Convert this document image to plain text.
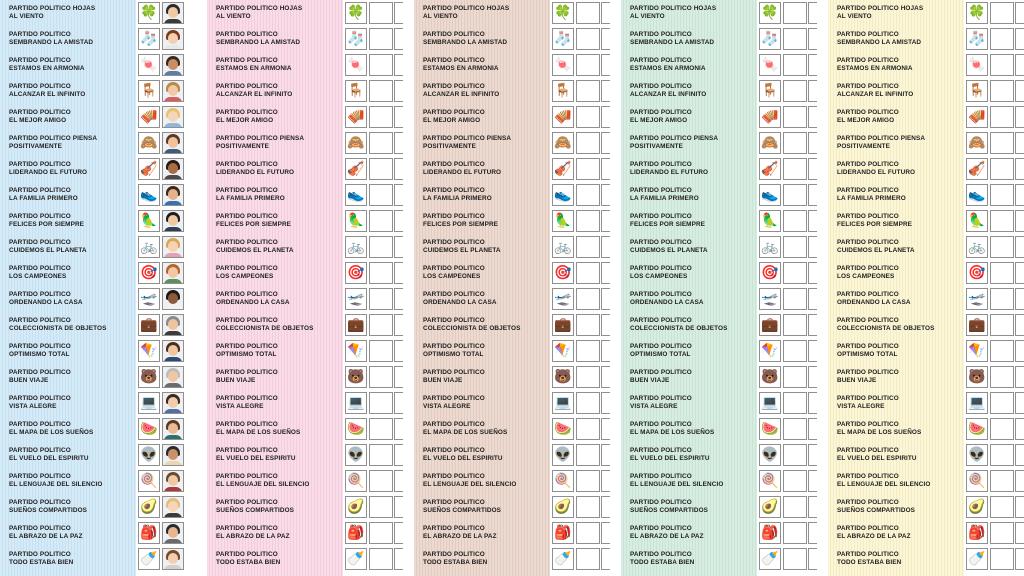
PARTIDO POLITICO HOJAS
AL VIENTO	🍀
PARTIDO POLITICO
SEMBRANDO LA AMISTAD	🧦
PARTIDO POLITICO
ESTAMOS EN ARMONIA	🍬
PARTIDO POLITICO
ALCANZAR EL INFINITO	🪑
PARTIDO POLITICO
EL MEJOR AMIGO	🪗
PARTIDO POLITICO PIENSA
POSITIVAMENTE	🙈
PARTIDO POLITICO
LIDERANDO EL FUTURO	🎻
PARTIDO POLITICO
LA FAMILIA PRIMERO	👟
PARTIDO POLITICO
FELICES POR SIEMPRE	🦜
PARTIDO POLITICO
CUIDEMOS EL PLANETA	🚲
PARTIDO POLITICO
LOS CAMPEONES	🎯
PARTIDO POLITICO
ORDENANDO LA CASA	🛫
PARTIDO POLITICO
COLECCIONISTA DE OBJETOS	💼
PARTIDO POLITICO
OPTIMISMO TOTAL	🪁
PARTIDO POLITICO
BUEN VIAJE	🐻
PARTIDO POLITICO
VISTA ALEGRE	💻
PARTIDO POLITICO
EL MAPA DE LOS SUEÑOS	🍉
PARTIDO POLITICO
EL VUELO DEL ESPIRITU	👽
PARTIDO POLITICO
EL LENGUAJE DEL SILENCIO	🍭
PARTIDO POLITICO
SUEÑOS COMPARTIDOS	🥑
PARTIDO POLITICO
EL ABRAZO DE LA PAZ	🎒
PARTIDO POLITICO
TODO ESTABA BIEN	🍼
PARTIDO POLITICO HOJAS
AL VIENTO	🍀
PARTIDO POLITICO
SEMBRANDO LA AMISTAD	🧦
PARTIDO POLITICO
ESTAMOS EN ARMONIA	🍬
PARTIDO POLITICO
ALCANZAR EL INFINITO	🪑
PARTIDO POLITICO
EL MEJOR AMIGO	🪗
PARTIDO POLITICO PIENSA
POSITIVAMENTE	🙈
PARTIDO POLITICO
LIDERANDO EL FUTURO	🎻
PARTIDO POLITICO
LA FAMILIA PRIMERO	👟
PARTIDO POLITICO
FELICES POR SIEMPRE	🦜
PARTIDO POLITICO
CUIDEMOS EL PLANETA	🚲
PARTIDO POLITICO
LOS CAMPEONES	🎯
PARTIDO POLITICO
ORDENANDO LA CASA	🛫
PARTIDO POLITICO
COLECCIONISTA DE OBJETOS	💼
PARTIDO POLITICO
OPTIMISMO TOTAL	🪁
PARTIDO POLITICO
BUEN VIAJE	🐻
PARTIDO POLITICO
VISTA ALEGRE	💻
PARTIDO POLITICO
EL MAPA DE LOS SUEÑOS	🍉
PARTIDO POLITICO
EL VUELO DEL ESPIRITU	👽
PARTIDO POLITICO
EL LENGUAJE DEL SILENCIO	🍭
PARTIDO POLITICO
SUEÑOS COMPARTIDOS	🥑
PARTIDO POLITICO
EL ABRAZO DE LA PAZ	🎒
PARTIDO POLITICO
TODO ESTABA BIEN	🍼
PARTIDO POLITICO HOJAS
AL VIENTO	🍀
PARTIDO POLITICO
SEMBRANDO LA AMISTAD	🧦
PARTIDO POLITICO
ESTAMOS EN ARMONIA	🍬
PARTIDO POLITICO
ALCANZAR EL INFINITO	🪑
PARTIDO POLITICO
EL MEJOR AMIGO	🪗
PARTIDO POLITICO PIENSA
POSITIVAMENTE	🙈
PARTIDO POLITICO
LIDERANDO EL FUTURO	🎻
PARTIDO POLITICO
LA FAMILIA PRIMERO	👟
PARTIDO POLITICO
FELICES POR SIEMPRE	🦜
PARTIDO POLITICO
CUIDEMOS EL PLANETA	🚲
PARTIDO POLITICO
LOS CAMPEONES	🎯
PARTIDO POLITICO
ORDENANDO LA CASA	🛫
PARTIDO POLITICO
COLECCIONISTA DE OBJETOS	💼
PARTIDO POLITICO
OPTIMISMO TOTAL	🪁
PARTIDO POLITICO
BUEN VIAJE	🐻
PARTIDO POLITICO
VISTA ALEGRE	💻
PARTIDO POLITICO
EL MAPA DE LOS SUEÑOS	🍉
PARTIDO POLITICO
EL VUELO DEL ESPIRITU	👽
PARTIDO POLITICO
EL LENGUAJE DEL SILENCIO	🍭
PARTIDO POLITICO
SUEÑOS COMPARTIDOS	🥑
PARTIDO POLITICO
EL ABRAZO DE LA PAZ	🎒
PARTIDO POLITICO
TODO ESTABA BIEN	🍼
PARTIDO POLITICO HOJAS
AL VIENTO	🍀
PARTIDO POLITICO
SEMBRANDO LA AMISTAD	🧦
PARTIDO POLITICO
ESTAMOS EN ARMONIA	🍬
PARTIDO POLITICO
ALCANZAR EL INFINITO	🪑
PARTIDO POLITICO
EL MEJOR AMIGO	🪗
PARTIDO POLITICO PIENSA
POSITIVAMENTE	🙈
PARTIDO POLITICO
LIDERANDO EL FUTURO	🎻
PARTIDO POLITICO
LA FAMILIA PRIMERO	👟
PARTIDO POLITICO
FELICES POR SIEMPRE	🦜
PARTIDO POLITICO
CUIDEMOS EL PLANETA	🚲
PARTIDO POLITICO
LOS CAMPEONES	🎯
PARTIDO POLITICO
ORDENANDO LA CASA	🛫
PARTIDO POLITICO
COLECCIONISTA DE OBJETOS	💼
PARTIDO POLITICO
OPTIMISMO TOTAL	🪁
PARTIDO POLITICO
BUEN VIAJE	🐻
PARTIDO POLITICO
VISTA ALEGRE	💻
PARTIDO POLITICO
EL MAPA DE LOS SUEÑOS	🍉
PARTIDO POLITICO
EL VUELO DEL ESPIRITU	👽
PARTIDO POLITICO
EL LENGUAJE DEL SILENCIO	🍭
PARTIDO POLITICO
SUEÑOS COMPARTIDOS	🥑
PARTIDO POLITICO
EL ABRAZO DE LA PAZ	🎒
PARTIDO POLITICO
TODO ESTABA BIEN	🍼
PARTIDO POLITICO HOJAS
AL VIENTO	🍀
PARTIDO POLITICO
SEMBRANDO LA AMISTAD	🧦
PARTIDO POLITICO
ESTAMOS EN ARMONIA	🍬
PARTIDO POLITICO
ALCANZAR EL INFINITO	🪑
PARTIDO POLITICO
EL MEJOR AMIGO	🪗
PARTIDO POLITICO PIENSA
POSITIVAMENTE	🙈
PARTIDO POLITICO
LIDERANDO EL FUTURO	🎻
PARTIDO POLITICO
LA FAMILIA PRIMERO	👟
PARTIDO POLITICO
FELICES POR SIEMPRE	🦜
PARTIDO POLITICO
CUIDEMOS EL PLANETA	🚲
PARTIDO POLITICO
LOS CAMPEONES	🎯
PARTIDO POLITICO
ORDENANDO LA CASA	🛫
PARTIDO POLITICO
COLECCIONISTA DE OBJETOS	💼
PARTIDO POLITICO
OPTIMISMO TOTAL	🪁
PARTIDO POLITICO
BUEN VIAJE	🐻
PARTIDO POLITICO
VISTA ALEGRE	💻
PARTIDO POLITICO
EL MAPA DE LOS SUEÑOS	🍉
PARTIDO POLITICO
EL VUELO DEL ESPIRITU	👽
PARTIDO POLITICO
EL LENGUAJE DEL SILENCIO	🍭
PARTIDO POLITICO
SUEÑOS COMPARTIDOS	🥑
PARTIDO POLITICO
EL ABRAZO DE LA PAZ	🎒
PARTIDO POLITICO
TODO ESTABA BIEN	🍼
